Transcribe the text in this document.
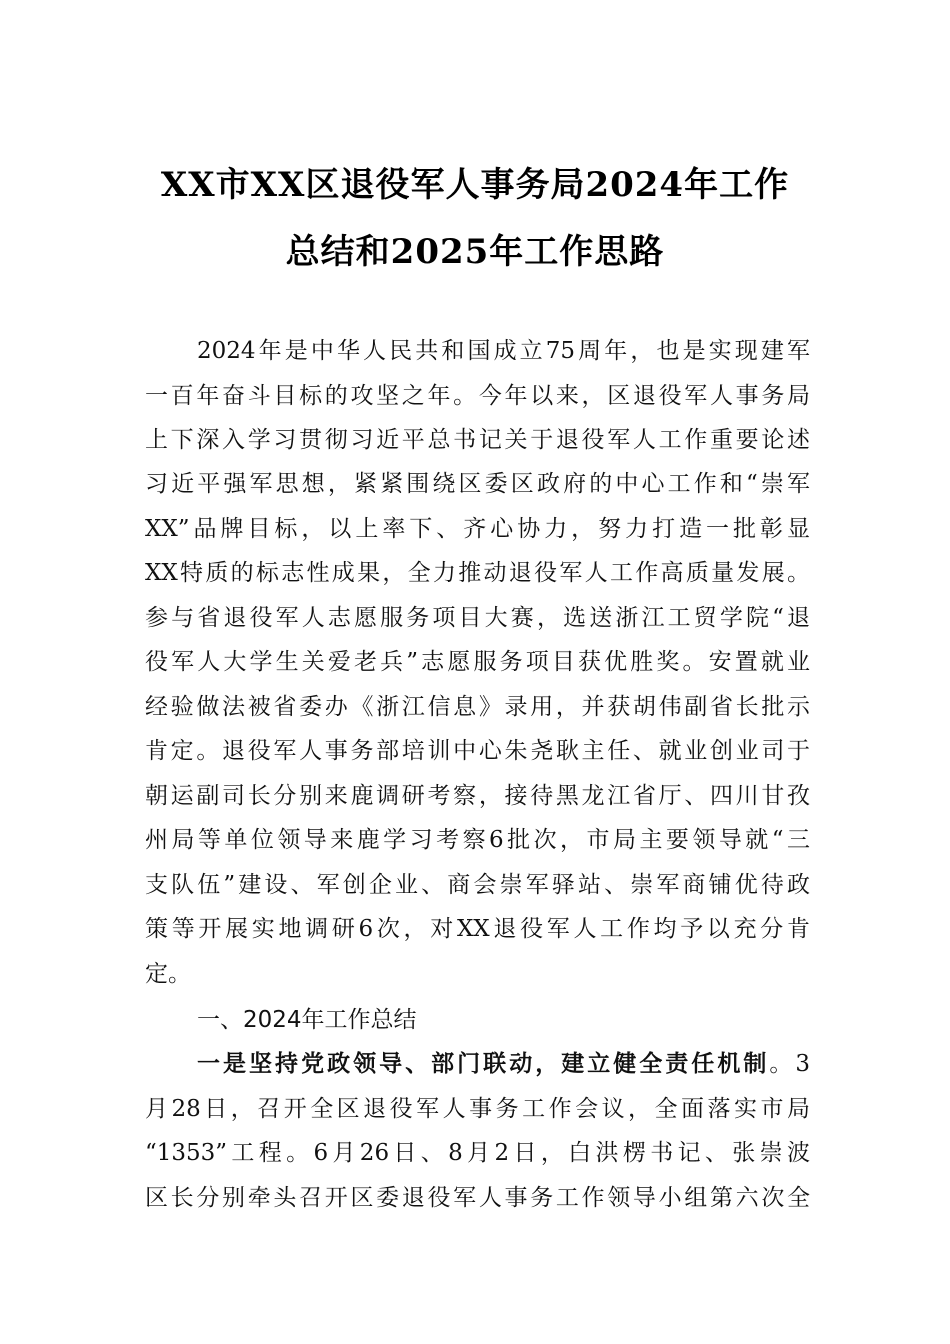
XX市XX区退役军人事务局2024年工作
总结和2025年工作思路
2024年是中华人民共和国成立75周年，也是实现建军
一百年奋斗目标的攻坚之年。今年以来，区退役军人事务局
上下深入学习贯彻习近平总书记关于退役军人工作重要论述
习近平强军思想，紧紧围绕区委区政府的中心工作和“崇军
XX”品牌目标，以上率下、齐心协力，努力打造一批彰显
XX特质的标志性成果，全力推动退役军人工作高质量发展。
参与省退役军人志愿服务项目大赛，选送浙江工贸学院“退
役军人大学生关爱老兵”志愿服务项目获优胜奖。安置就业
经验做法被省委办《浙江信息》录用，并获胡伟副省长批示
肯定。退役军人事务部培训中心朱尧耿主任、就业创业司于
朝运副司长分别来鹿调研考察，接待黑龙江省厅、四川甘孜
州局等单位领导来鹿学习考察6批次，市局主要领导就“三
支队伍”建设、军创企业、商会崇军驿站、崇军商铺优待政
策等开展实地调研6次，对XX退役军人工作均予以充分肯
定。
一、2024年工作总结
一是坚持党政领导、部门联动，建立健全责任机制。3
月28日，召开全区退役军人事务工作会议，全面落实市局
“1353”工程。6月26日、8月2日，白洪楞书记、张崇波
区长分别牵头召开区委退役军人事务工作领导小组第六次全
